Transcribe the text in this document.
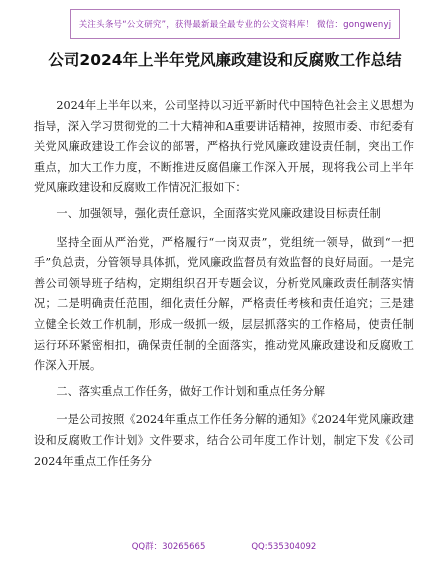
关注头条号“公文研究”，获得最新最全最专业的公文资料库！ 微信：gongwenyj
公司2024年上半年党风廉政建设和反腐败工作总结

2024年上半年以来，公司坚持以习近平新时代中国特色社会主义思想为指导，深入学习贯彻党的二十大精神和A重要讲话精神，按照市委、市纪委有关党风廉政建设工作会议的部署，严格执行党风廉政建设责任制，突出工作重点，加大工作力度，不断推进反腐倡廉工作深入开展，现将我公司上半年党风廉政建设和反腐败工作情况汇报如下：

一、加强领导，强化责任意识，全面落实党风廉政建设目标责任制

坚持全面从严治党，严格履行“一岗双责”，党组统一领导，做到“一把手”负总责，分管领导具体抓，党风廉政监督员有效监督的良好局面。一是完善公司领导班子结构，定期组织召开专题会议，分析党风廉政责任制落实情况；二是明确责任范围，细化责任分解，严格责任考核和责任追究；三是建立健全长效工作机制，形成一级抓一级，层层抓落实的工作格局，使责任制运行环环紧密相扣，确保责任制的全面落实，推动党风廉政建设和反腐败工作深入开展。

二、落实重点工作任务，做好工作计划和重点任务分解

一是公司按照《2024年重点工作任务分解的通知》《2024年党风廉政建设和反腐败工作计划》文件要求，结合公司年度工作计划，制定下发《公司2024年重点工作任务分

QQ群：30265665	QQ:535304092
